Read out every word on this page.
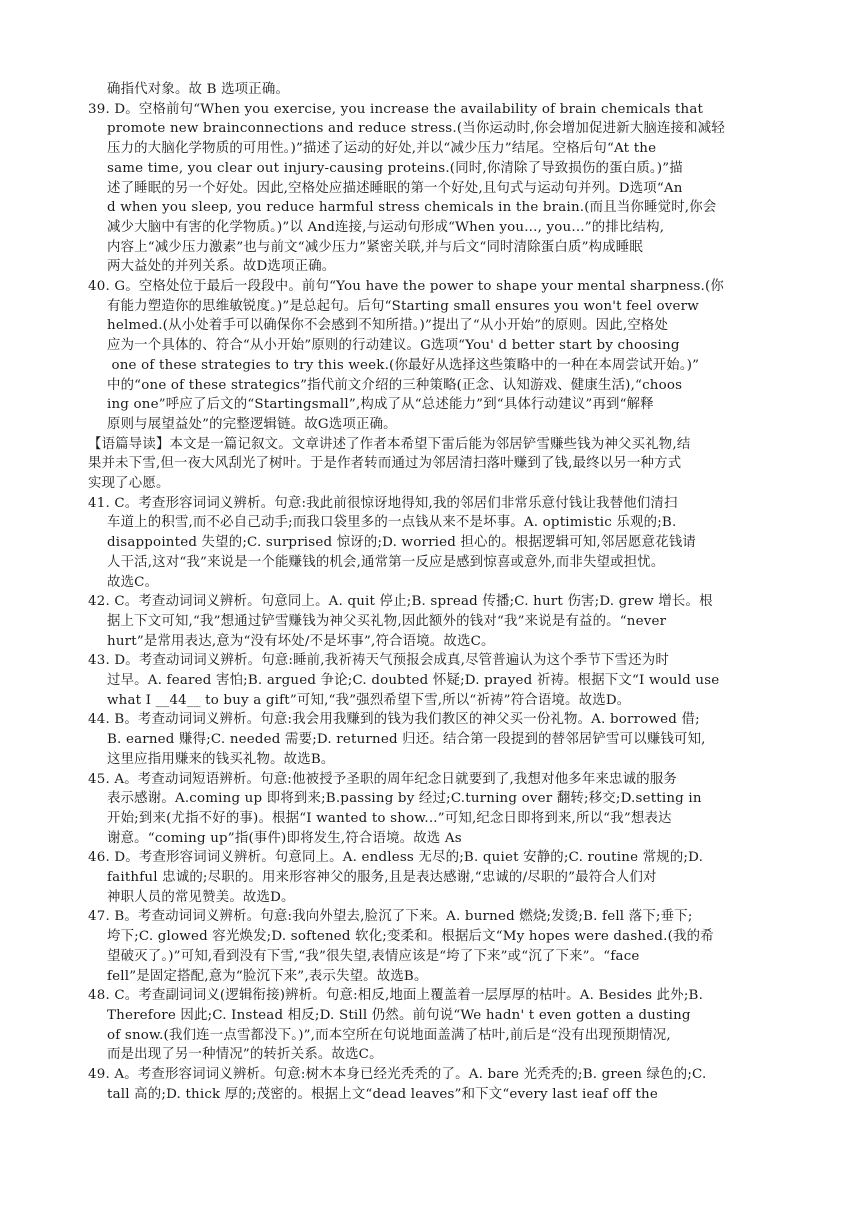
确指代对象。故 B 选项正确。
39. D。空格前句“When you exercise, you increase the availability of brain chemicals that
promote new brainconnections and reduce stress.(当你运动时,你会增加促进新大脑连接和减轻
压力的大脑化学物质的可用性。)”描述了运动的好处,并以“减少压力”结尾。空格后句“At the
same time, you clear out injury-causing proteins.(同时,你清除了导致损伤的蛋白质。)”描
述了睡眠的另一个好处。因此,空格处应描述睡眠的第一个好处,且句式与运动句并列。D选项“An
d when you sleep, you reduce harmful stress chemicals in the brain.(而且当你睡觉时,你会
减少大脑中有害的化学物质。)”以 And连接,与运动句形成“When you..., you...”的排比结构,
内容上“减少压力激素”也与前文“减少压力”紧密关联,并与后文“同时清除蛋白质”构成睡眠
两大益处的并列关系。故D选项正确。
40. G。空格处位于最后一段段中。前句“You have the power to shape your mental sharpness.(你
有能力塑造你的思维敏锐度。)”是总起句。后句“Starting small ensures you won't feel overw
helmed.(从小处着手可以确保你不会感到不知所措。)”提出了“从小开始”的原则。因此,空格处
应为一个具体的、符合“从小开始”原则的行动建议。G选项“You' d better start by choosing
one of these strategies to try this week.(你最好从选择这些策略中的一种在本周尝试开始。)”
中的“one of these strategics”指代前文介绍的三种策略(正念、认知游戏、健康生活),“choos
ing one”呼应了后文的“Startingsmall”,构成了从“总述能力”到“具体行动建议”再到“解释
原则与展望益处”的完整逻辑链。故G选项正确。
【语篇导读】本文是一篇记叙文。文章讲述了作者本希望下雷后能为邻居铲雪赚些钱为神父买礼物,结
果并未下雪,但一夜大风刮光了树叶。于是作者转而通过为邻居清扫落叶赚到了钱,最终以另一种方式
实现了心愿。
41. C。考查形容词词义辨析。句意:我此前很惊讶地得知,我的邻居们非常乐意付钱让我替他们清扫
车道上的积雪,而不必自己动手;而我口袋里多的一点钱从来不是坏事。A. optimistic 乐观的;B.
disappointed 失望的;C. surprised 惊讶的;D. worried 担心的。根据逻辑可知,邻居愿意花钱请
人干活,这对“我”来说是一个能赚钱的机会,通常第一反应是感到惊喜或意外,而非失望或担忧。
故选C。
42. C。考查动词词义辨析。句意同上。A. quit 停止;B. spread 传播;C. hurt 伤害;D. grew 增长。根
据上下文可知,“我”想通过铲雪赚钱为神父买礼物,因此额外的钱对“我”来说是有益的。“never
hurt”是常用表达,意为“没有坏处/不是坏事”,符合语境。故选C。
43. D。考查动词词义辨析。句意:睡前,我祈祷天气预报会成真,尽管普遍认为这个季节下雪还为时
过早。A. feared 害怕;B. argued 争论;C. doubted 怀疑;D. prayed 祈祷。根据下文“I would use
what I __44__ to buy a gift”可知,“我”强烈希望下雪,所以“祈祷”符合语境。故选D。
44. B。考查动词词义辨析。句意:我会用我赚到的钱为我们教区的神父买一份礼物。A. borrowed 借;
B. earned 赚得;C. needed 需要;D. returned 归还。结合第一段提到的替邻居铲雪可以赚钱可知,
这里应指用赚来的钱买礼物。故选B。
45. A。考查动词短语辨析。句意:他被授予圣职的周年纪念日就要到了,我想对他多年来忠诚的服务
表示感谢。A.coming up 即将到来;B.passing by 经过;C.turning over 翻转;移交;D.setting in
开始;到来(尤指不好的事)。根据“I wanted to show...”可知,纪念日即将到来,所以“我”想表达
谢意。“coming up”指(事件)即将发生,符合语境。故选 As
46. D。考查形容词词义辨析。句意同上。A. endless 无尽的;B. quiet 安静的;C. routine 常规的;D.
faithful 忠诚的;尽职的。用来形容神父的服务,且是表达感谢,“忠诚的/尽职的”最符合人们对
神职人员的常见赞美。故选D。
47. B。考查动词词义辨析。句意:我向外望去,脸沉了下来。A. burned 燃烧;发烫;B. fell 落下;垂下;
垮下;C. glowed 容光焕发;D. softened 软化;变柔和。根据后文“My hopes were dashed.(我的希
望破灭了。)”可知,看到没有下雪,“我”很失望,表情应该是“垮了下来”或“沉了下来”。“face
fell”是固定搭配,意为“脸沉下来”,表示失望。故选B。
48. C。考查副词词义(逻辑衔接)辨析。句意:相反,地面上覆盖着一层厚厚的枯叶。A. Besides 此外;B.
Therefore 因此;C. Instead 相反;D. Still 仍然。前句说“We hadn' t even gotten a dusting
of snow.(我们连一点雪都没下。)”,而本空所在句说地面盖满了枯叶,前后是“没有出现预期情况,
而是出现了另一种情况”的转折关系。故选C。
49. A。考查形容词词义辨析。句意:树木本身已经光秃秃的了。A. bare 光秃秃的;B. green 绿色的;C.
tall 高的;D. thick 厚的;茂密的。根据上文“dead leaves”和下文“every last ieaf off the
